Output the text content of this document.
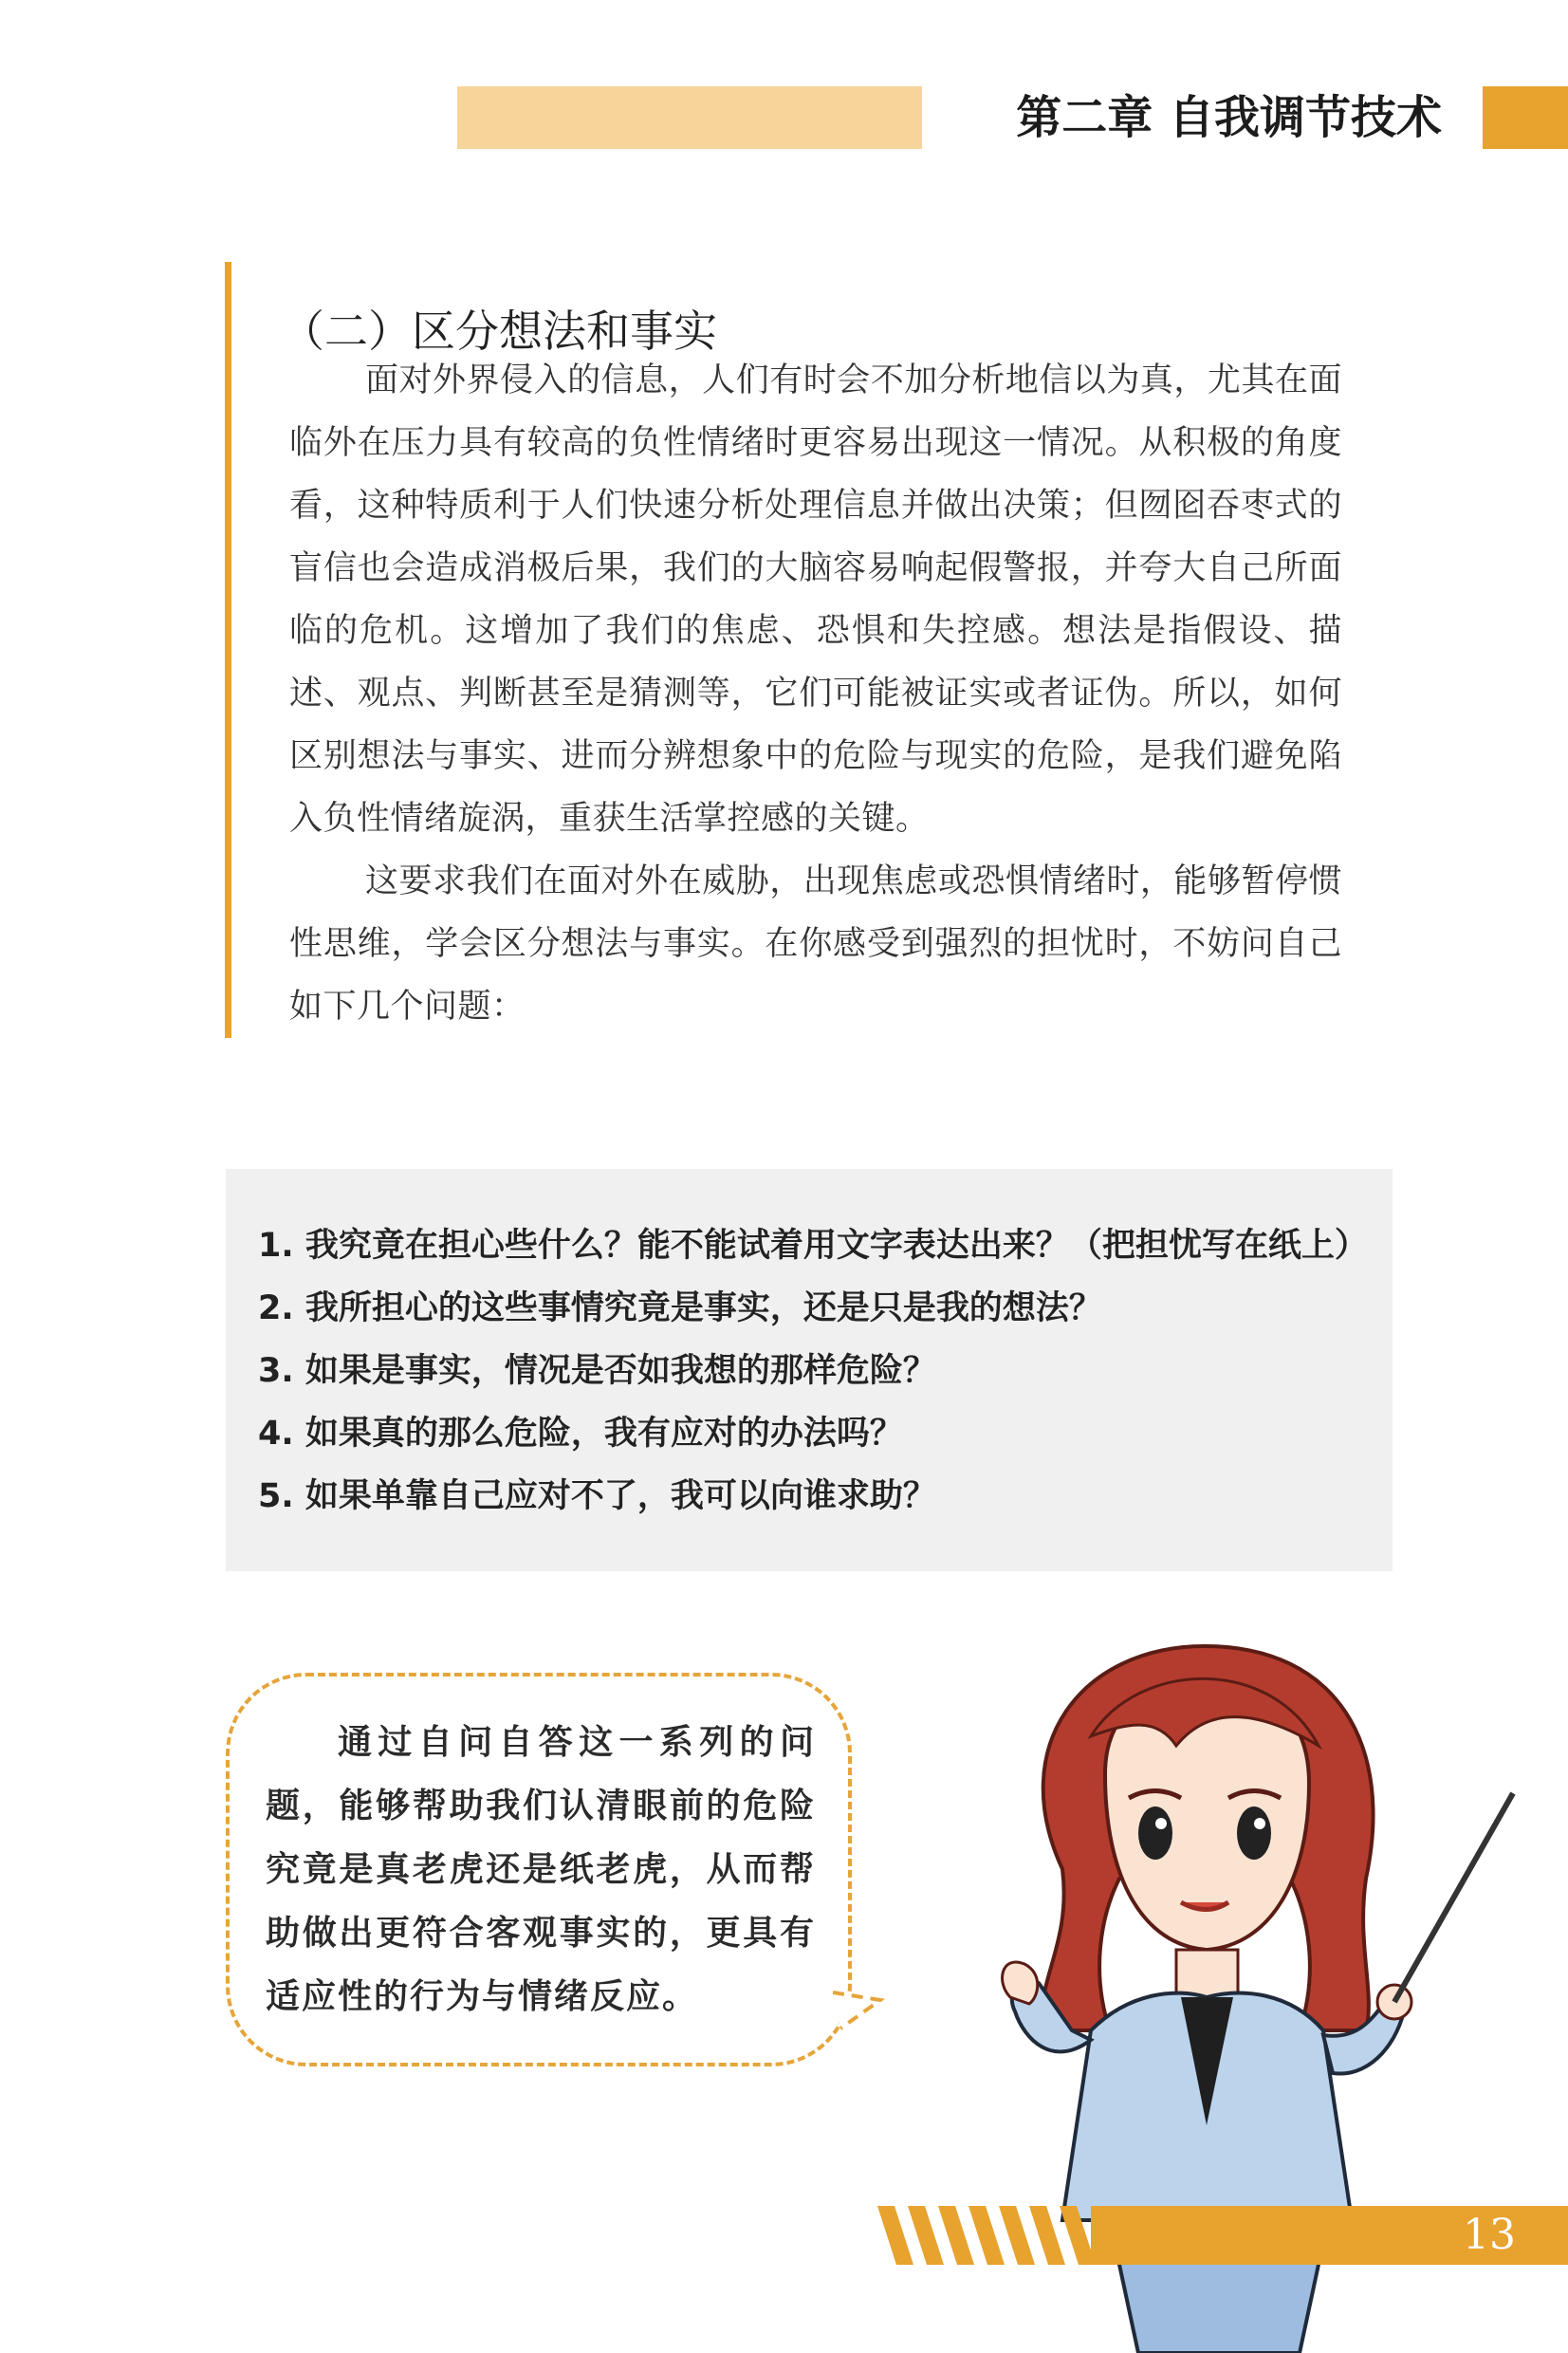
第二章 自我调节技术
（二）区分想法和事实

面对外界侵入的信息，人们有时会不加分析地信以为真，尤其在面临外在压力具有较高的负性情绪时更容易出现这一情况。从积极的角度看，这种特质利于人们快速分析处理信息并做出决策；但囫囵吞枣式的盲信也会造成消极后果，我们的大脑容易响起假警报，并夸大自己所面临的危机。这增加了我们的焦虑、恐惧和失控感。想法是指假设、描述、观点、判断甚至是猜测等，它们可能被证实或者证伪。所以，如何区别想法与事实、进而分辨想象中的危险与现实的危险，是我们避免陷入负性情绪旋涡，重获生活掌控感的关键。

这要求我们在面对外在威胁，出现焦虑或恐惧情绪时，能够暂停惯性思维，学会区分想法与事实。在你感受到强烈的担忧时，不妨问自己如下几个问题：

1. 我究竟在担心些什么？能不能试着用文字表达出来？（把担忧写在纸上）
2. 我所担心的这些事情究竟是事实，还是只是我的想法？
3. 如果是事实，情况是否如我想的那样危险？
4. 如果真的那么危险，我有应对的办法吗？
5. 如果单靠自己应对不了，我可以向谁求助？

通过自问自答这一系列的问题，能够帮助我们认清眼前的危险究竟是真老虎还是纸老虎，从而帮助做出更符合客观事实的，更具有适应性的行为与情绪反应。

13
